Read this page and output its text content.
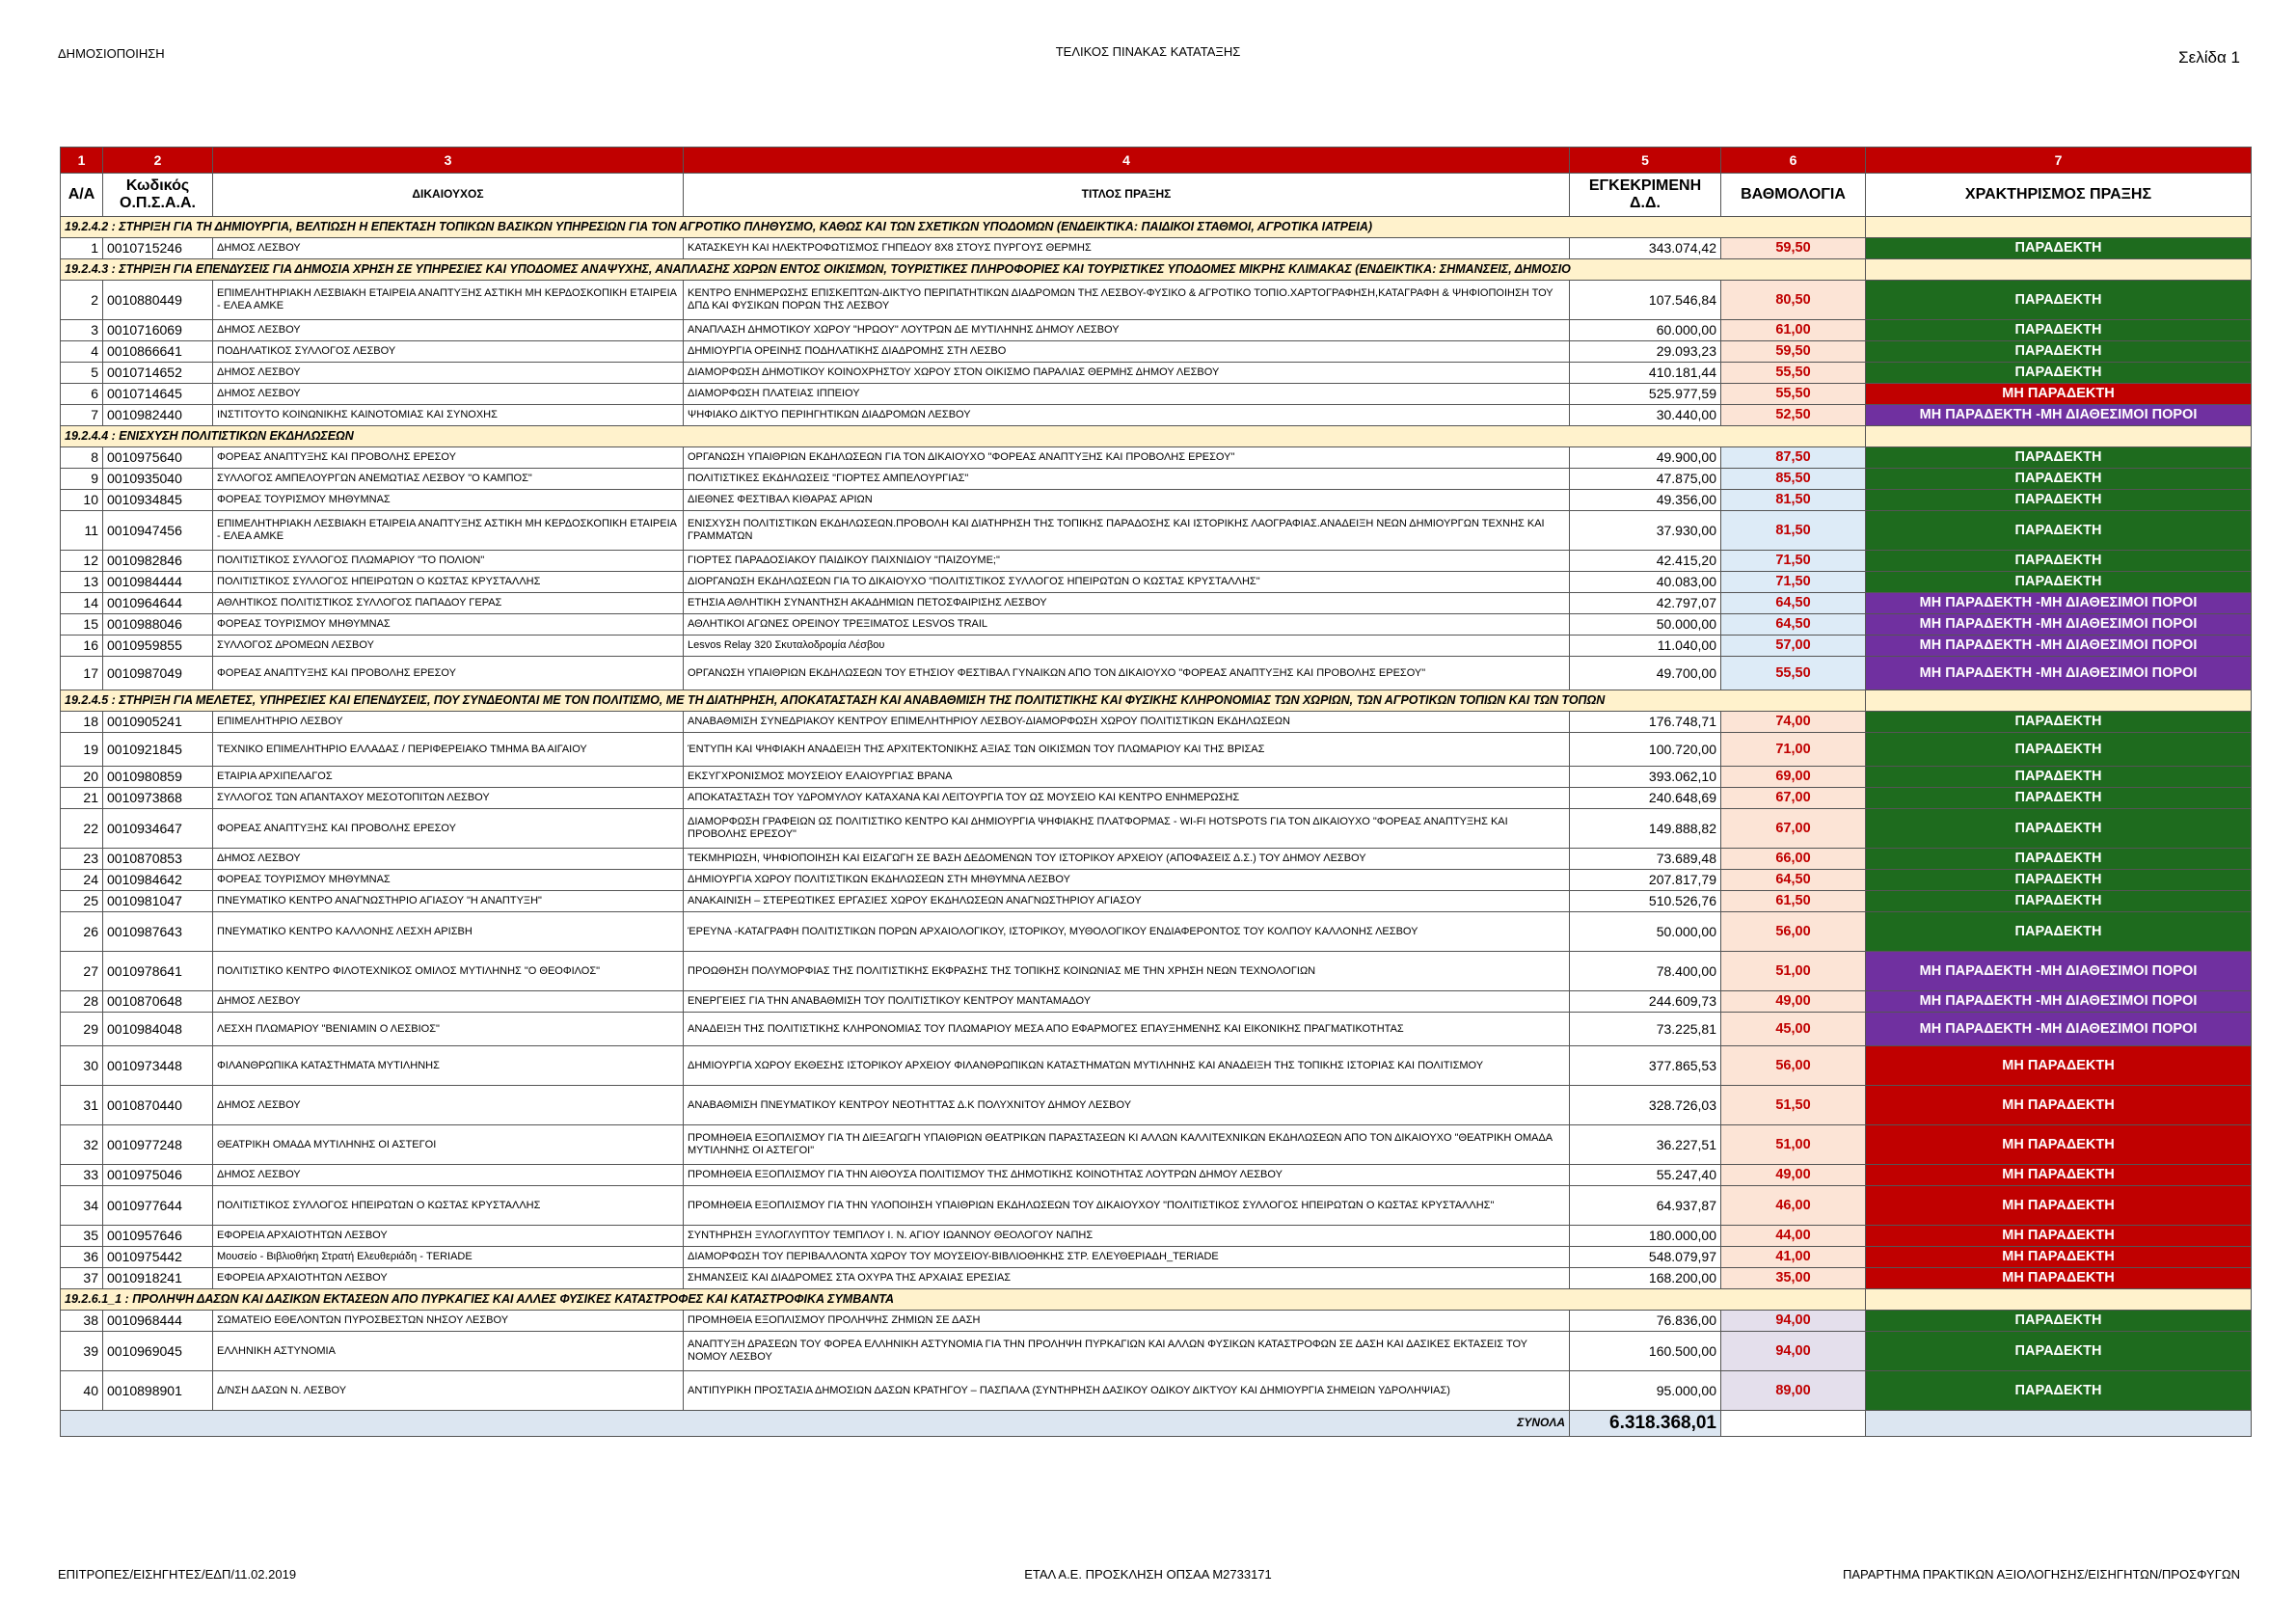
ΔΗΜΟΣΙΟΠΟΙΗΣΗ	ΤΕΛΙΚΟΣ ΠΙΝΑΚΑΣ ΚΑΤΑΤΑΞΗΣ	Σελίδα 1
1	2	3	4	5	6	7
Α/Α	Κωδικός Ο.Π.Σ.Α.Α.	ΔΙΚΑΙΟΥΧΟΣ	ΤΙΤΛΟΣ ΠΡΑΞΗΣ	ΕΓΚΕΚΡΙΜΕΝΗ Δ.Δ.	ΒΑΘΜΟΛΟΓΙΑ	ΧΡΑΚΤΗΡΙΣΜΟΣ ΠΡΑΞΗΣ
19.2.4.2 : ΣΤΗΡΙΞΗ ΓΙΑ ΤΗ ΔΗΜΙΟΥΡΓΙΑ, ΒΕΛΤΙΩΣΗ Η ΕΠΕΚΤΑΣΗ ΤΟΠΙΚΩΝ ΒΑΣΙΚΩΝ ΥΠΗΡΕΣΙΩΝ ΓΙΑ ΤΟΝ ΑΓΡΟΤΙΚΟ ΠΛΗΘΥΣΜΟ, ΚΑΘΩΣ ΚΑΙ ΤΩΝ ΣΧΕΤΙΚΩΝ ΥΠΟΔΟΜΩΝ (ΕΝΔΕΙΚΤΙΚΑ: ΠΑΙΔΙΚΟΙ ΣΤΑΘΜΟΙ, ΑΓΡΟΤΙΚΑ ΙΑΤΡΕΙΑ)						
1	0010715246	ΔΗΜΟΣ ΛΕΣΒΟΥ	ΚΑΤΑΣΚΕΥΗ ΚΑΙ ΗΛΕΚΤΡΟΦΩΤΙΣΜΟΣ ΓΗΠΕΔΟΥ 8Χ8 ΣΤΟΥΣ ΠΥΡΓΟΥΣ ΘΕΡΜΗΣ	343.074,42	59,50	ΠΑΡΑΔΕΚΤΗ
19.2.4.3 : ΣΤΗΡΙΞΗ ΓΙΑ ΕΠΕΝΔΥΣΕΙΣ ΓΙΑ ΔΗΜΟΣΙΑ ΧΡΗΣΗ ΣΕ ΥΠΗΡΕΣΙΕΣ ΚΑΙ ΥΠΟΔΟΜΕΣ ΑΝΑΨΥΧΗΣ, ΑΝΑΠΛΑΣΗΣ ΧΩΡΩΝ ΕΝΤΟΣ ΟΙΚΙΣΜΩΝ, ΤΟΥΡΙΣΤΙΚΕΣ ΠΛΗΡΟΦΟΡΙΕΣ ΚΑΙ ΤΟΥΡΙΣΤΙΚΕΣ ΥΠΟΔΟΜΕΣ ΜΙΚΡΗΣ ΚΛΙΜΑΚΑΣ (ΕΝΔΕΙΚΤΙΚΑ: ΣΗΜΑΝΣΕΙΣ, ΔΗΜΟΣΙΟ						
2	0010880449	ΕΠΙΜΕΛΗΤΗΡΙΑΚΗ ΛΕΣΒΙΑΚΗ ΕΤΑΙΡΕΙΑ ΑΝΑΠΤΥΞΗΣ ΑΣΤΙΚΗ ΜΗ ΚΕΡΔΟΣΚΟΠΙΚΗ ΕΤΑΙΡΕΙΑ - ΕΛΕΑ ΑΜΚΕ	ΚΕΝΤΡΟ ΕΝΗΜΕΡΩΣΗΣ ΕΠΙΣΚΕΠΤΩΝ-ΔΙΚΤΥΟ ΠΕΡΙΠΑΤΗΤΙΚΩΝ ΔΙΑΔΡΟΜΩΝ ΤΗΣ ΛΕΣΒΟΥ-ΦΥΣΙΚΟ & ΑΓΡΟΤΙΚΟ ΤΟΠΙΟ.ΧΑΡΤΟΓΡΑΦΗΣΗ,ΚΑΤΑΓΡΑΦΗ & ΨΗΦΙΟΠΟΙΗΣΗ ΤΟΥ ΔΠΔ ΚΑΙ ΦΥΣΙΚΩΝ ΠΟΡΩΝ ΤΗΣ ΛΕΣΒΟΥ	107.546,84	80,50	ΠΑΡΑΔΕΚΤΗ
3	0010716069	ΔΗΜΟΣ ΛΕΣΒΟΥ	ΑΝΑΠΛΑΣΗ ΔΗΜΟΤΙΚΟΥ ΧΩΡΟΥ "ΗΡΩΟΥ" ΛΟΥΤΡΩΝ ΔΕ ΜΥΤΙΛΗΝΗΣ ΔΗΜΟΥ ΛΕΣΒΟΥ	60.000,00	61,00	ΠΑΡΑΔΕΚΤΗ
4	0010866641	ΠΟΔΗΛΑΤΙΚΟΣ ΣΥΛΛΟΓΟΣ ΛΕΣΒΟΥ	ΔΗΜΙΟΥΡΓΙΑ ΟΡΕΙΝΗΣ ΠΟΔΗΛΑΤΙΚΗΣ ΔΙΑΔΡΟΜΗΣ ΣΤΗ ΛΕΣΒΟ	29.093,23	59,50	ΠΑΡΑΔΕΚΤΗ
5	0010714652	ΔΗΜΟΣ ΛΕΣΒΟΥ	ΔΙΑΜΟΡΦΩΣΗ ΔΗΜΟΤΙΚΟΥ ΚΟΙΝΟΧΡΗΣΤΟΥ ΧΩΡΟΥ ΣΤΟΝ ΟΙΚΙΣΜΟ ΠΑΡΑΛΙΑΣ ΘΕΡΜΗΣ ΔΗΜΟΥ ΛΕΣΒΟΥ	410.181,44	55,50	ΠΑΡΑΔΕΚΤΗ
6	0010714645	ΔΗΜΟΣ ΛΕΣΒΟΥ	ΔΙΑΜΟΡΦΩΣΗ ΠΛΑΤΕΙΑΣ ΙΠΠΕΙΟΥ	525.977,59	55,50	ΜΗ ΠΑΡΑΔΕΚΤΗ
7	0010982440	ΙΝΣΤΙΤΟΥΤΟ ΚΟΙΝΩΝΙΚΗΣ ΚΑΙΝΟΤΟΜΙΑΣ ΚΑΙ ΣΥΝΟΧΗΣ	ΨΗΦΙΑΚΟ ΔΙΚΤΥΟ ΠΕΡΙΗΓΗΤΙΚΩΝ ΔΙΑΔΡΟΜΩΝ ΛΕΣΒΟΥ	30.440,00	52,50	ΜΗ ΠΑΡΑΔΕΚΤΗ -ΜΗ ΔΙΑΘΕΣΙΜΟΙ ΠΟΡΟΙ
19.2.4.4 : ΕΝΙΣΧΥΣΗ ΠΟΛΙΤΙΣΤΙΚΩΝ ΕΚΔΗΛΩΣΕΩΝ						
8	0010975640	ΦΟΡΕΑΣ ΑΝΑΠΤΥΞΗΣ ΚΑΙ ΠΡΟΒΟΛΗΣ ΕΡΕΣΟΥ	ΟΡΓΑΝΩΣΗ ΥΠΑΙΘΡΙΩΝ ΕΚΔΗΛΩΣΕΩΝ ΓΙΑ ΤΟΝ ΔΙΚΑΙΟΥΧΟ "ΦΟΡΕΑΣ ΑΝΑΠΤΥΞΗΣ ΚΑΙ ΠΡΟΒΟΛΗΣ ΕΡΕΣΟΥ"	49.900,00	87,50	ΠΑΡΑΔΕΚΤΗ
9	0010935040	ΣΥΛΛΟΓΟΣ ΑΜΠΕΛΟΥΡΓΩΝ ΑΝΕΜΩΤΙΑΣ ΛΕΣΒΟΥ "Ο ΚΑΜΠΟΣ"	ΠΟΛΙΤΙΣΤΙΚΕΣ ΕΚΔΗΛΩΣΕΙΣ "ΓΙΟΡΤΕΣ ΑΜΠΕΛΟΥΡΓΙΑΣ"	47.875,00	85,50	ΠΑΡΑΔΕΚΤΗ
10	0010934845	ΦΟΡΕΑΣ ΤΟΥΡΙΣΜΟΥ ΜΗΘΥΜΝΑΣ	ΔΙΕΘΝΕΣ ΦΕΣΤΙΒΑΛ ΚΙΘΑΡΑΣ ΑΡΙΩΝ	49.356,00	81,50	ΠΑΡΑΔΕΚΤΗ
11	0010947456	ΕΠΙΜΕΛΗΤΗΡΙΑΚΗ ΛΕΣΒΙΑΚΗ ΕΤΑΙΡΕΙΑ ΑΝΑΠΤΥΞΗΣ ΑΣΤΙΚΗ ΜΗ ΚΕΡΔΟΣΚΟΠΙΚΗ ΕΤΑΙΡΕΙΑ - ΕΛΕΑ ΑΜΚΕ	ΕΝΙΣΧΥΣΗ ΠΟΛΙΤΙΣΤΙΚΩΝ ΕΚΔΗΛΩΣΕΩΝ.ΠΡΟΒΟΛΗ ΚΑΙ ΔΙΑΤΗΡΗΣΗ ΤΗΣ ΤΟΠΙΚΗΣ ΠΑΡΑΔΟΣΗΣ ΚΑΙ ΙΣΤΟΡΙΚΗΣ ΛΑΟΓΡΑΦΙΑΣ.ΑΝΑΔΕΙΞΗ ΝΕΩΝ ΔΗΜΙΟΥΡΓΩΝ ΤΕΧΝΗΣ ΚΑΙ ΓΡΑΜΜΑΤΩΝ	37.930,00	81,50	ΠΑΡΑΔΕΚΤΗ
12	0010982846	ΠΟΛΙΤΙΣΤΙΚΟΣ ΣΥΛΛΟΓΟΣ ΠΛΩΜΑΡΙΟΥ "ΤΟ ΠΟΛΙΟΝ"	ΓΙΟΡΤΕΣ ΠΑΡΑΔΟΣΙΑΚΟΥ ΠΑΙΔΙΚΟΥ ΠΑΙΧΝΙΔΙΟΥ "ΠΑΙΖΟΥΜΕ;"	42.415,20	71,50	ΠΑΡΑΔΕΚΤΗ
13	0010984444	ΠΟΛΙΤΙΣΤΙΚΟΣ ΣΥΛΛΟΓΟΣ ΗΠΕΙΡΩΤΩΝ Ο ΚΩΣΤΑΣ ΚΡΥΣΤΑΛΛΗΣ	ΔΙΟΡΓΑΝΩΣΗ ΕΚΔΗΛΩΣΕΩΝ ΓΙΑ ΤΟ ΔΙΚΑΙΟΥΧΟ "ΠΟΛΙΤΙΣΤΙΚΟΣ ΣΥΛΛΟΓΟΣ ΗΠΕΙΡΩΤΩΝ Ο ΚΩΣΤΑΣ ΚΡΥΣΤΑΛΛΗΣ"	40.083,00	71,50	ΠΑΡΑΔΕΚΤΗ
14	0010964644	ΑΘΛΗΤΙΚΟΣ ΠΟΛΙΤΙΣΤΙΚΟΣ ΣΥΛΛΟΓΟΣ ΠΑΠΑΔΟΥ ΓΕΡΑΣ	ΕΤΗΣΙΑ ΑΘΛΗΤΙΚΗ ΣΥΝΑΝΤΗΣΗ ΑΚΑΔΗΜΙΩΝ ΠΕΤΟΣΦΑΙΡΙΣΗΣ ΛΕΣΒΟΥ	42.797,07	64,50	ΜΗ ΠΑΡΑΔΕΚΤΗ -ΜΗ ΔΙΑΘΕΣΙΜΟΙ ΠΟΡΟΙ
15	0010988046	ΦΟΡΕΑΣ ΤΟΥΡΙΣΜΟΥ ΜΗΘΥΜΝΑΣ	ΑΘΛΗΤΙΚΟΙ ΑΓΩΝΕΣ ΟΡΕΙΝΟΥ ΤΡΕΞΙΜΑΤΟΣ LESVOS TRAIL	50.000,00	64,50	ΜΗ ΠΑΡΑΔΕΚΤΗ -ΜΗ ΔΙΑΘΕΣΙΜΟΙ ΠΟΡΟΙ
16	0010959855	ΣΥΛΛΟΓΟΣ ΔΡΟΜΕΩΝ ΛΕΣΒΟΥ	Lesvos Relay 320 Σκυταλοδρομία Λέσβου	11.040,00	57,00	ΜΗ ΠΑΡΑΔΕΚΤΗ -ΜΗ ΔΙΑΘΕΣΙΜΟΙ ΠΟΡΟΙ
17	0010987049	ΦΟΡΕΑΣ ΑΝΑΠΤΥΞΗΣ ΚΑΙ ΠΡΟΒΟΛΗΣ ΕΡΕΣΟΥ	ΟΡΓΑΝΩΣΗ ΥΠΑΙΘΡΙΩΝ ΕΚΔΗΛΩΣΕΩΝ ΤΟΥ ΕΤΗΣΙΟΥ ΦΕΣΤΙΒΑΛ ΓΥΝΑΙΚΩΝ ΑΠΟ ΤΟΝ ΔΙΚΑΙΟΥΧΟ "ΦΟΡΕΑΣ ΑΝΑΠΤΥΞΗΣ ΚΑΙ ΠΡΟΒΟΛΗΣ ΕΡΕΣΟΥ"	49.700,00	55,50	ΜΗ ΠΑΡΑΔΕΚΤΗ -ΜΗ ΔΙΑΘΕΣΙΜΟΙ ΠΟΡΟΙ
19.2.4.5 : ΣΤΗΡΙΞΗ ΓΙΑ ΜΕΛΕΤΕΣ, ΥΠΗΡΕΣΙΕΣ ΚΑΙ ΕΠΕΝΔΥΣΕΙΣ, ΠΟΥ ΣΥΝΔΕΟΝΤΑΙ ΜΕ ΤΟΝ ΠΟΛΙΤΙΣΜΟ, ΜΕ ΤΗ ΔΙΑΤΗΡΗΣΗ, ΑΠΟΚΑΤΑΣΤΑΣΗ ΚΑΙ ΑΝΑΒΑΘΜΙΣΗ ΤΗΣ ΠΟΛΙΤΙΣΤΙΚΗΣ ΚΑΙ ΦΥΣΙΚΗΣ ΚΛΗΡΟΝΟΜΙΑΣ ΤΩΝ ΧΩΡΙΩΝ, ΤΩΝ ΑΓΡΟΤΙΚΩΝ ΤΟΠΙΩΝ ΚΑΙ ΤΩΝ ΤΟΠΩΝ						
18	0010905241	ΕΠΙΜΕΛΗΤΗΡΙΟ ΛΕΣΒΟΥ	ΑΝΑΒΑΘΜΙΣΗ ΣΥΝΕΔΡΙΑΚΟΥ ΚΕΝΤΡΟΥ ΕΠΙΜΕΛΗΤΗΡΙΟΥ ΛΕΣΒΟΥ-ΔΙΑΜΟΡΦΩΣΗ ΧΩΡΟΥ ΠΟΛΙΤΙΣΤΙΚΩΝ ΕΚΔΗΛΩΣΕΩΝ	176.748,71	74,00	ΠΑΡΑΔΕΚΤΗ
19	0010921845	ΤΕΧΝΙΚΟ ΕΠΙΜΕΛΗΤΗΡΙΟ ΕΛΛΑΔΑΣ / ΠΕΡΙΦΕΡΕΙΑΚΟ ΤΜΗΜΑ ΒΑ ΑΙΓΑΙΟΥ	ΈΝΤΥΠΗ ΚΑΙ ΨΗΦΙΑΚΗ ΑΝΑΔΕΙΞΗ ΤΗΣ ΑΡΧΙΤΕΚΤΟΝΙΚΗΣ ΑΞΙΑΣ ΤΩΝ ΟΙΚΙΣΜΩΝ ΤΟΥ ΠΛΩΜΑΡΙΟΥ ΚΑΙ ΤΗΣ ΒΡΙΣΑΣ	100.720,00	71,00	ΠΑΡΑΔΕΚΤΗ
20	0010980859	ΕΤΑΙΡΙΑ ΑΡΧΙΠΕΛΑΓΟΣ	ΕΚΣΥΓΧΡΟΝΙΣΜΟΣ ΜΟΥΣΕΙΟΥ ΕΛΑΙΟΥΡΓΙΑΣ ΒΡΑΝΑ	393.062,10	69,00	ΠΑΡΑΔΕΚΤΗ
21	0010973868	ΣΥΛΛΟΓΟΣ ΤΩΝ ΑΠΑΝΤΑΧΟΥ ΜΕΣΟΤΟΠΙΤΩΝ ΛΕΣΒΟΥ	ΑΠΟΚΑΤΑΣΤΑΣΗ ΤΟΥ ΥΔΡΟΜΥΛΟΥ ΚΑΤΑΧΑΝΑ ΚΑΙ ΛΕΙΤΟΥΡΓΙΑ ΤΟΥ ΩΣ ΜΟΥΣΕΙΟ ΚΑΙ ΚΕΝΤΡΟ ΕΝΗΜΕΡΩΣΗΣ	240.648,69	67,00	ΠΑΡΑΔΕΚΤΗ
22	0010934647	ΦΟΡΕΑΣ ΑΝΑΠΤΥΞΗΣ ΚΑΙ ΠΡΟΒΟΛΗΣ ΕΡΕΣΟΥ	ΔΙΑΜΟΡΦΩΣΗ ΓΡΑΦΕΙΩΝ ΩΣ ΠΟΛΙΤΙΣΤΙΚΟ ΚΕΝΤΡΟ ΚΑΙ ΔΗΜΙΟΥΡΓΙΑ ΨΗΦΙΑΚΗΣ ΠΛΑΤΦΟΡΜΑΣ - WI-FI HOTSPOTS ΓΙΑ ΤΟΝ ΔΙΚΑΙΟΥΧΟ "ΦΟΡΕΑΣ ΑΝΑΠΤΥΞΗΣ ΚΑΙ ΠΡΟΒΟΛΗΣ ΕΡΕΣΟΥ"	149.888,82	67,00	ΠΑΡΑΔΕΚΤΗ
23	0010870853	ΔΗΜΟΣ ΛΕΣΒΟΥ	ΤΕΚΜΗΡΙΩΣΗ, ΨΗΦΙΟΠΟΙΗΣΗ ΚΑΙ ΕΙΣΑΓΩΓΗ ΣΕ ΒΑΣΗ ΔΕΔΟΜΕΝΩΝ ΤΟΥ ΙΣΤΟΡΙΚΟΥ ΑΡΧΕΙΟΥ (ΑΠΟΦΑΣΕΙΣ Δ.Σ.) ΤΟΥ ΔΗΜΟΥ ΛΕΣΒΟΥ	73.689,48	66,00	ΠΑΡΑΔΕΚΤΗ
24	0010984642	ΦΟΡΕΑΣ ΤΟΥΡΙΣΜΟΥ ΜΗΘΥΜΝΑΣ	ΔΗΜΙΟΥΡΓΙΑ ΧΩΡΟΥ ΠΟΛΙΤΙΣΤΙΚΩΝ ΕΚΔΗΛΩΣΕΩΝ ΣΤΗ ΜΗΘΥΜΝΑ ΛΕΣΒΟΥ	207.817,79	64,50	ΠΑΡΑΔΕΚΤΗ
25	0010981047	ΠΝΕΥΜΑΤΙΚΟ ΚΕΝΤΡΟ ΑΝΑΓΝΩΣΤΗΡΙΟ ΑΓΙΑΣΟΥ "Η ΑΝΑΠΤΥΞΗ"	ΑΝΑΚΑΙΝΙΣΗ – ΣΤΕΡΕΩΤΙΚΕΣ ΕΡΓΑΣΙΕΣ ΧΩΡΟΥ ΕΚΔΗΛΩΣΕΩΝ ΑΝΑΓΝΩΣΤΗΡΙΟΥ ΑΓΙΑΣΟΥ	510.526,76	61,50	ΠΑΡΑΔΕΚΤΗ
26	0010987643	ΠΝΕΥΜΑΤΙΚΟ ΚΕΝΤΡΟ ΚΑΛΛΟΝΗΣ ΛΕΣΧΗ ΑΡΙΣΒΗ	ΈΡΕΥΝΑ -ΚΑΤΑΓΡΑΦΗ ΠΟΛΙΤΙΣΤΙΚΩΝ ΠΟΡΩΝ ΑΡΧΑΙΟΛΟΓΙΚΟΥ, ΙΣΤΟΡΙΚΟΥ, ΜΥΘΟΛΟΓΙΚΟΥ ΕΝΔΙΑΦΕΡΟΝΤΟΣ ΤΟΥ ΚΟΛΠΟΥ ΚΑΛΛΟΝΗΣ ΛΕΣΒΟΥ	50.000,00	56,00	ΠΑΡΑΔΕΚΤΗ
27	0010978641	ΠΟΛΙΤΙΣΤΙΚΟ ΚΕΝΤΡΟ ΦΙΛΟΤΕΧΝΙΚΟΣ ΟΜΙΛΟΣ ΜΥΤΙΛΗΝΗΣ "Ο ΘΕΟΦΙΛΟΣ"	ΠΡΟΩΘΗΣΗ ΠΟΛΥΜΟΡΦΙΑΣ ΤΗΣ ΠΟΛΙΤΙΣΤΙΚΗΣ ΕΚΦΡΑΣΗΣ ΤΗΣ ΤΟΠΙΚΗΣ ΚΟΙΝΩΝΙΑΣ ΜΕ ΤΗΝ ΧΡΗΣΗ ΝΕΩΝ ΤΕΧΝΟΛΟΓΙΩΝ	78.400,00	51,00	ΜΗ ΠΑΡΑΔΕΚΤΗ -ΜΗ ΔΙΑΘΕΣΙΜΟΙ ΠΟΡΟΙ
28	0010870648	ΔΗΜΟΣ ΛΕΣΒΟΥ	ΕΝΕΡΓΕΙΕΣ ΓΙΑ ΤΗΝ ΑΝΑΒΑΘΜΙΣΗ ΤΟΥ ΠΟΛΙΤΙΣΤΙΚΟΥ ΚΕΝΤΡΟΥ ΜΑΝΤΑΜΑΔΟΥ	244.609,73	49,00	ΜΗ ΠΑΡΑΔΕΚΤΗ -ΜΗ ΔΙΑΘΕΣΙΜΟΙ ΠΟΡΟΙ
29	0010984048	ΛΕΣΧΗ ΠΛΩΜΑΡΙΟΥ "ΒΕΝΙΑΜΙΝ Ο ΛΕΣΒΙΟΣ"	ΑΝΑΔΕΙΞΗ ΤΗΣ ΠΟΛΙΤΙΣΤΙΚΗΣ ΚΛΗΡΟΝΟΜΙΑΣ ΤΟΥ ΠΛΩΜΑΡΙΟΥ ΜΕΣΑ ΑΠΟ ΕΦΑΡΜΟΓΕΣ ΕΠΑΥΞΗΜΕΝΗΣ ΚΑΙ ΕΙΚΟΝΙΚΗΣ ΠΡΑΓΜΑΤΙΚΟΤΗΤΑΣ	73.225,81	45,00	ΜΗ ΠΑΡΑΔΕΚΤΗ -ΜΗ ΔΙΑΘΕΣΙΜΟΙ ΠΟΡΟΙ
30	0010973448	ΦΙΛΑΝΘΡΩΠΙΚΑ ΚΑΤΑΣΤΗΜΑΤΑ ΜΥΤΙΛΗΝΗΣ	ΔΗΜΙΟΥΡΓΙΑ ΧΩΡΟΥ ΕΚΘΕΣΗΣ ΙΣΤΟΡΙΚΟΥ ΑΡΧΕΙΟΥ ΦΙΛΑΝΘΡΩΠΙΚΩΝ ΚΑΤΑΣΤΗΜΑΤΩΝ ΜΥΤΙΛΗΝΗΣ ΚΑΙ ΑΝΑΔΕΙΞΗ ΤΗΣ ΤΟΠΙΚΗΣ ΙΣΤΟΡΙΑΣ ΚΑΙ ΠΟΛΙΤΙΣΜΟΥ	377.865,53	56,00	ΜΗ ΠΑΡΑΔΕΚΤΗ
31	0010870440	ΔΗΜΟΣ ΛΕΣΒΟΥ	ΑΝΑΒΑΘΜΙΣΗ ΠΝΕΥΜΑΤΙΚΟΥ ΚΕΝΤΡΟΥ ΝΕΟΤΗΤΤΑΣ Δ.Κ ΠΟΛΥΧΝΙΤΟΥ ΔΗΜΟΥ ΛΕΣΒΟΥ	328.726,03	51,50	ΜΗ ΠΑΡΑΔΕΚΤΗ
32	0010977248	ΘΕΑΤΡΙΚΗ ΟΜΑΔΑ ΜΥΤΙΛΗΝΗΣ ΟΙ ΑΣΤΕΓΟΙ	ΠΡΟΜΗΘΕΙΑ ΕΞΟΠΛΙΣΜΟΥ ΓΙΑ ΤΗ ΔΙΕΞΑΓΩΓΗ ΥΠΑΙΘΡΙΩΝ ΘΕΑΤΡΙΚΩΝ ΠΑΡΑΣΤΑΣΕΩΝ ΚΙ ΑΛΛΩΝ ΚΑΛΛΙΤΕΧΝΙΚΩΝ ΕΚΔΗΛΩΣΕΩΝ ΑΠΟ ΤΟΝ ΔΙΚΑΙΟΥΧΟ "ΘΕΑΤΡΙΚΗ ΟΜΑΔΑ ΜΥΤΙΛΗΝΗΣ ΟΙ ΑΣΤΕΓΟΙ"	36.227,51	51,00	ΜΗ ΠΑΡΑΔΕΚΤΗ
33	0010975046	ΔΗΜΟΣ ΛΕΣΒΟΥ	ΠΡΟΜΗΘΕΙΑ ΕΞΟΠΛΙΣΜΟΥ ΓΙΑ ΤΗΝ ΑΙΘΟΥΣΑ ΠΟΛΙΤΙΣΜΟΥ ΤΗΣ ΔΗΜΟΤΙΚΗΣ ΚΟΙΝΟΤΗΤΑΣ ΛΟΥΤΡΩΝ ΔΗΜΟΥ ΛΕΣΒΟΥ	55.247,40	49,00	ΜΗ ΠΑΡΑΔΕΚΤΗ
34	0010977644	ΠΟΛΙΤΙΣΤΙΚΟΣ ΣΥΛΛΟΓΟΣ ΗΠΕΙΡΩΤΩΝ Ο ΚΩΣΤΑΣ ΚΡΥΣΤΑΛΛΗΣ	ΠΡΟΜΗΘΕΙΑ ΕΞΟΠΛΙΣΜΟΥ ΓΙΑ ΤΗΝ ΥΛΟΠΟΙΗΣΗ ΥΠΑΙΘΡΙΩΝ ΕΚΔΗΛΩΣΕΩΝ ΤΟΥ ΔΙΚΑΙΟΥΧΟΥ "ΠΟΛΙΤΙΣΤΙΚΟΣ ΣΥΛΛΟΓΟΣ ΗΠΕΙΡΩΤΩΝ Ο ΚΩΣΤΑΣ ΚΡΥΣΤΑΛΛΗΣ"	64.937,87	46,00	ΜΗ ΠΑΡΑΔΕΚΤΗ
35	0010957646	ΕΦΟΡΕΙΑ ΑΡΧΑΙΟΤΗΤΩΝ ΛΕΣΒΟΥ	ΣΥΝΤΗΡΗΣΗ ΞΥΛΟΓΛΥΠΤΟΥ ΤΕΜΠΛΟΥ Ι. Ν. ΑΓΙΟΥ ΙΩΑΝΝΟΥ ΘΕΟΛΟΓΟΥ ΝΑΠΗΣ	180.000,00	44,00	ΜΗ ΠΑΡΑΔΕΚΤΗ
36	0010975442	Μουσείο - Βιβλιοθήκη Στρατή Ελευθεριάδη - TERIADE	ΔΙΑΜΟΡΦΩΣΗ ΤΟΥ ΠΕΡΙΒΑΛΛΟΝΤΑ ΧΩΡΟΥ ΤΟΥ ΜΟΥΣΕΙΟΥ-ΒΙΒΛΙΟΘΗΚΗΣ ΣΤΡ. ΕΛΕΥΘΕΡΙΑΔΗ_TERIADE	548.079,97	41,00	ΜΗ ΠΑΡΑΔΕΚΤΗ
37	0010918241	ΕΦΟΡΕΙΑ ΑΡΧΑΙΟΤΗΤΩΝ ΛΕΣΒΟΥ	ΣΗΜΑΝΣΕΙΣ ΚΑΙ ΔΙΑΔΡΟΜΕΣ ΣΤΑ ΟΧΥΡΑ ΤΗΣ ΑΡΧΑΙΑΣ ΕΡΕΣΙΑΣ	168.200,00	35,00	ΜΗ ΠΑΡΑΔΕΚΤΗ
19.2.6.1_1 : ΠΡΟΛΗΨΗ ΔΑΣΩΝ ΚΑΙ ΔΑΣΙΚΩΝ ΕΚΤΑΣΕΩΝ ΑΠΟ ΠΥΡΚΑΓΙΕΣ ΚΑΙ ΑΛΛΕΣ ΦΥΣΙΚΕΣ ΚΑΤΑΣΤΡΟΦΕΣ ΚΑΙ ΚΑΤΑΣΤΡΟΦΙΚΑ ΣΥΜΒΑΝΤΑ						
38	0010968444	ΣΩΜΑΤΕΙΟ ΕΘΕΛΟΝΤΩΝ ΠΥΡΟΣΒΕΣΤΩΝ ΝΗΣΟΥ ΛΕΣΒΟΥ	ΠΡΟΜΗΘΕΙΑ ΕΞΟΠΛΙΣΜΟΥ ΠΡΟΛΗΨΗΣ ΖΗΜΙΩΝ ΣΕ ΔΑΣΗ	76.836,00	94,00	ΠΑΡΑΔΕΚΤΗ
39	0010969045	ΕΛΛΗΝΙΚΗ ΑΣΤΥΝΟΜΙΑ	ΑΝΑΠΤΥΞΗ ΔΡΑΣΕΩΝ ΤΟΥ ΦΟΡΕΑ ΕΛΛΗΝΙΚΗ ΑΣΤΥΝΟΜΙΑ ΓΙΑ ΤΗΝ ΠΡΟΛΗΨΗ ΠΥΡΚΑΓΙΩΝ ΚΑΙ ΑΛΛΩΝ ΦΥΣΙΚΩΝ ΚΑΤΑΣΤΡΟΦΩΝ ΣΕ ΔΑΣΗ ΚΑΙ ΔΑΣΙΚΕΣ ΕΚΤΑΣΕΙΣ ΤΟΥ ΝΟΜΟΥ ΛΕΣΒΟΥ	160.500,00	94,00	ΠΑΡΑΔΕΚΤΗ
40	0010898901	Δ/ΝΣΗ ΔΑΣΩΝ Ν. ΛΕΣΒΟΥ	ΑΝΤΙΠΥΡΙΚΗ ΠΡΟΣΤΑΣΙΑ ΔΗΜΟΣΙΩΝ ΔΑΣΩΝ ΚΡΑΤΗΓΟΥ – ΠΑΣΠΑΛΑ (ΣΥΝΤΗΡΗΣΗ ΔΑΣΙΚΟΥ ΟΔΙΚΟΥ ΔΙΚΤΥΟΥ ΚΑΙ ΔΗΜΙΟΥΡΓΙΑ ΣΗΜΕΙΩΝ ΥΔΡΟΛΗΨΙΑΣ)	95.000,00	89,00	ΠΑΡΑΔΕΚΤΗ
ΣΥΝΟΛΑ				6.318.368,01		
ΕΠΙΤΡΟΠΕΣ/ΕΙΣΗΓΗΤΕΣ/ΕΔΠ/11.02.2019	ΕΤΑΛ Α.Ε. ΠΡΟΣΚΛΗΣΗ ΟΠΣΑΑ Μ2733171	ΠΑΡΑΡΤΗΜΑ ΠΡΑΚΤΙΚΩΝ ΑΞΙΟΛΟΓΗΣΗΣ/ΕΙΣΗΓΗΤΩΝ/ΠΡΟΣΦΥΓΩΝ
